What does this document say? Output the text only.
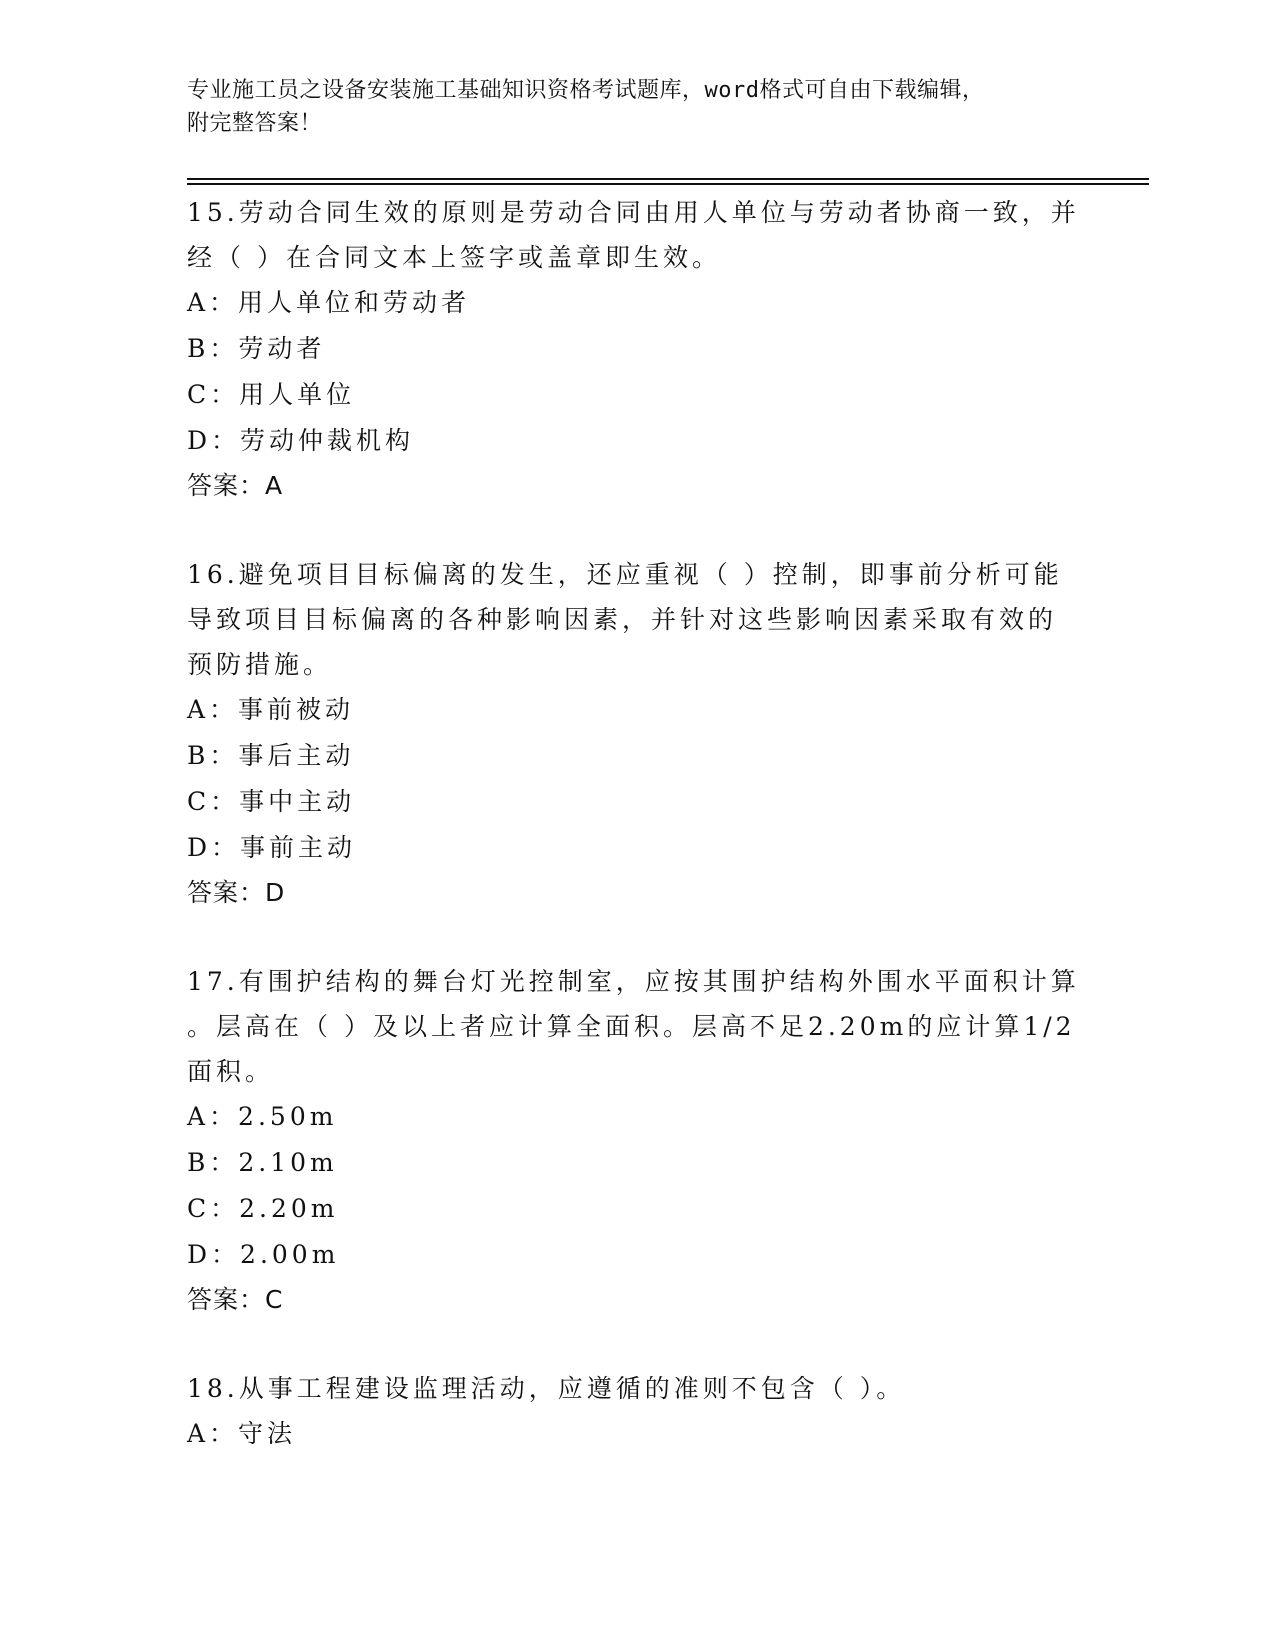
专业施工员之设备安装施工基础知识资格考试题库，word格式可自由下载编辑，

附完整答案！

15.劳动合同生效的原则是劳动合同由用人单位与劳动者协商一致，并
经（ ）在合同文本上签字或盖章即生效。

A：用人单位和劳动者

B：劳动者

C：用人单位

D：劳动仲裁机构

答案：A

16.避免项目目标偏离的发生，还应重视（ ）控制，即事前分析可能
导致项目目标偏离的各种影响因素，并针对这些影响因素采取有效的
预防措施。

A：事前被动

B：事后主动

C：事中主动

D：事前主动

答案：D

17.有围护结构的舞台灯光控制室，应按其围护结构外围水平面积计算
。层高在（ ）及以上者应计算全面积。层高不足2.20m的应计算1/2
面积。

A：2.50m

B：2.10m

C：2.20m

D：2.00m

答案：C

18.从事工程建设监理活动，应遵循的准则不包含（ ）。

A：守法
